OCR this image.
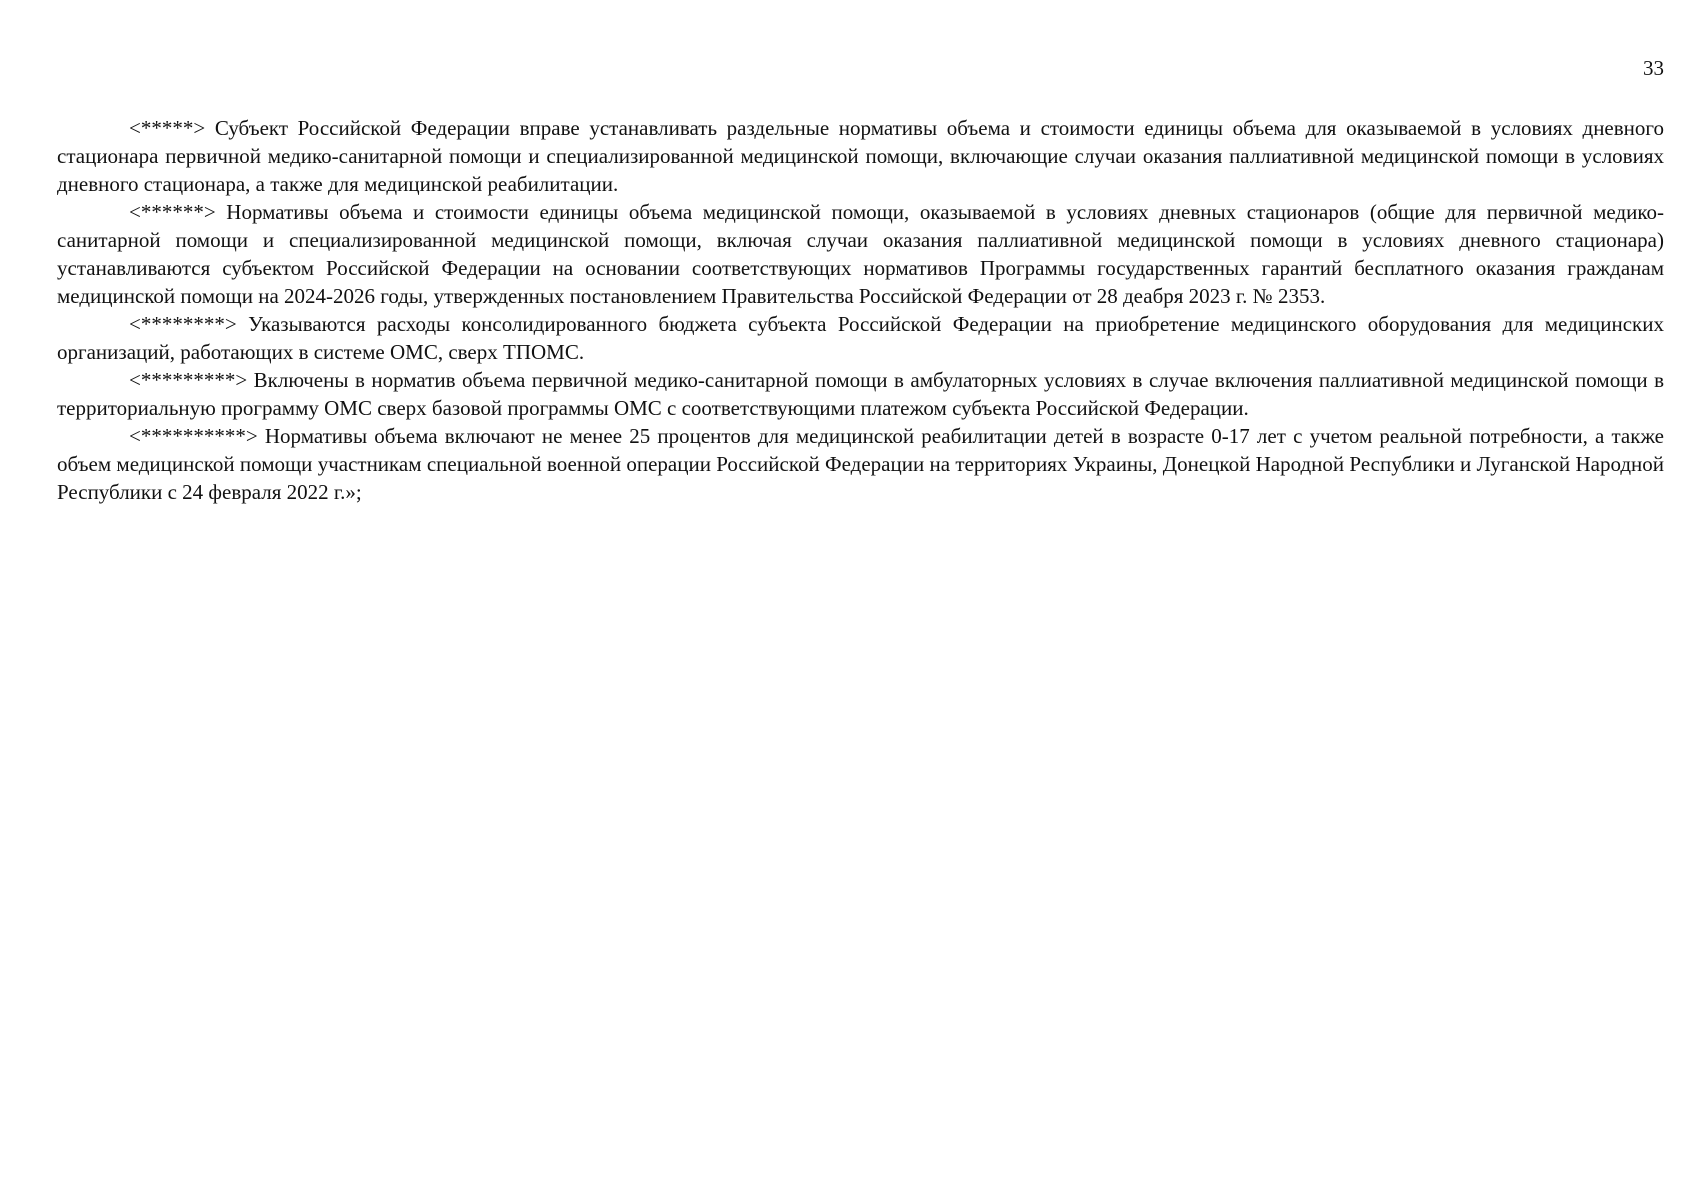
33

<*****> Субъект Российской Федерации вправе устанавливать раздельные нормативы объема и стоимости единицы объема для оказываемой в условиях дневного стационара первичной медико-санитарной помощи и специализированной медицинской помощи, включающие случаи оказания паллиативной медицинской помощи в условиях дневного стационара, а также для медицинской реабилитации.

<******> Нормативы объема и стоимости единицы объема медицинской помощи, оказываемой в условиях дневных стационаров (общие для первичной медико-санитарной помощи и специализированной медицинской помощи, включая случаи оказания паллиативной медицинской помощи в условиях дневного стационара) устанавливаются субъектом Российской Федерации на основании соответствующих нормативов Программы государственных гарантий бесплатного оказания гражданам медицинской помощи на 2024-2026 годы, утвержденных постановлением Правительства Российской Федерации от 28 деабря 2023 г. № 2353.

<********> Указываются расходы консолидированного бюджета субъекта Российской Федерации на приобретение медицинского оборудования для медицинских организаций, работающих в системе ОМС, сверх ТПОМС.

<*********> Включены в норматив объема первичной медико-санитарной помощи в амбулаторных условиях в случае включения паллиативной медицинской помощи в территориальную программу ОМС сверх базовой программы ОМС с соответствующими платежом субъекта Российской Федерации.

<**********> Нормативы объема включают не менее 25 процентов для медицинской реабилитации детей в возрасте 0-17 лет с учетом реальной потребности, а также объем медицинской помощи участникам специальной военной операции Российской Федерации на территориях Украины, Донецкой Народной Республики и Луганской Народной Республики с 24 февраля 2022 г.»;
